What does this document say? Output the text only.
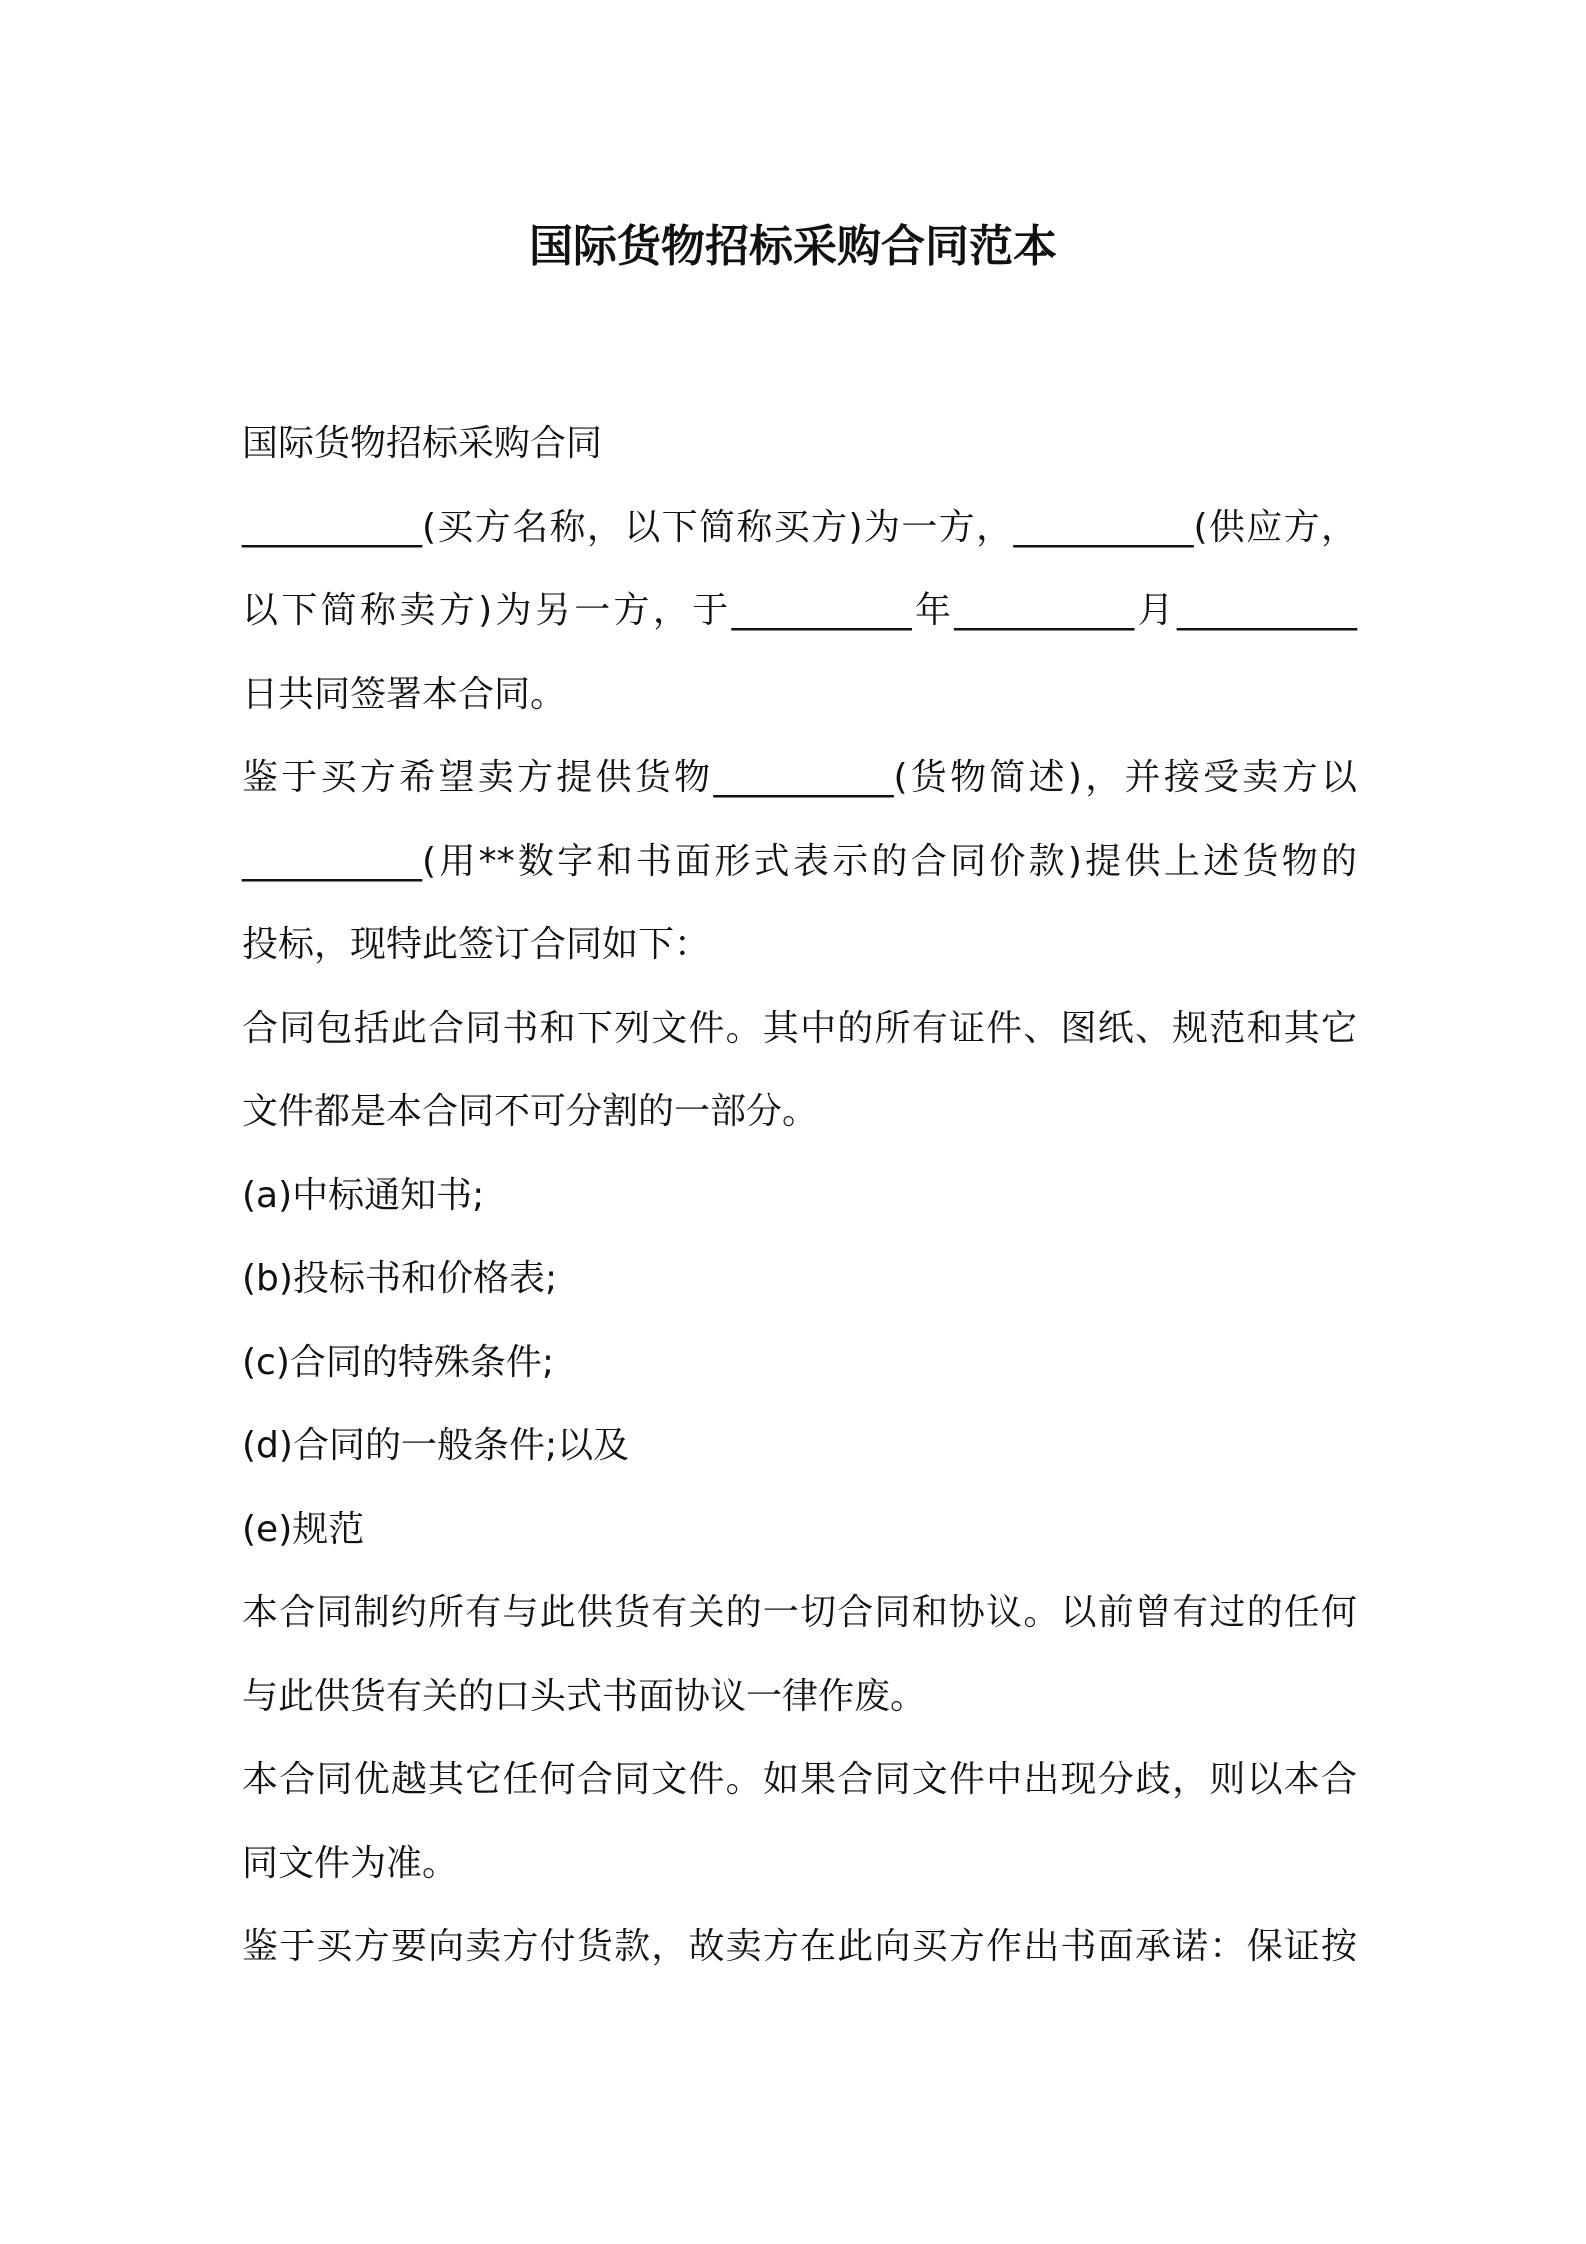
国际货物招标采购合同范本
国际货物招标采购合同
__________(买方名称，以下简称买方)为一方，__________(供应方，
以下简称卖方)为另一方，于__________年__________月__________
日共同签署本合同。
鉴于买方希望卖方提供货物__________(货物简述)，并接受卖方以
__________(用**数字和书面形式表示的合同价款)提供上述货物的
投标，现特此签订合同如下：
合同包括此合同书和下列文件。其中的所有证件、图纸、规范和其它
文件都是本合同不可分割的一部分。
(a)中标通知书;
(b)投标书和价格表;
(c)合同的特殊条件;
(d)合同的一般条件;以及
(e)规范
本合同制约所有与此供货有关的一切合同和协议。以前曾有过的任何
与此供货有关的口头式书面协议一律作废。
本合同优越其它任何合同文件。如果合同文件中出现分歧，则以本合
同文件为准。
鉴于买方要向卖方付货款，故卖方在此向买方作出书面承诺：保证按
